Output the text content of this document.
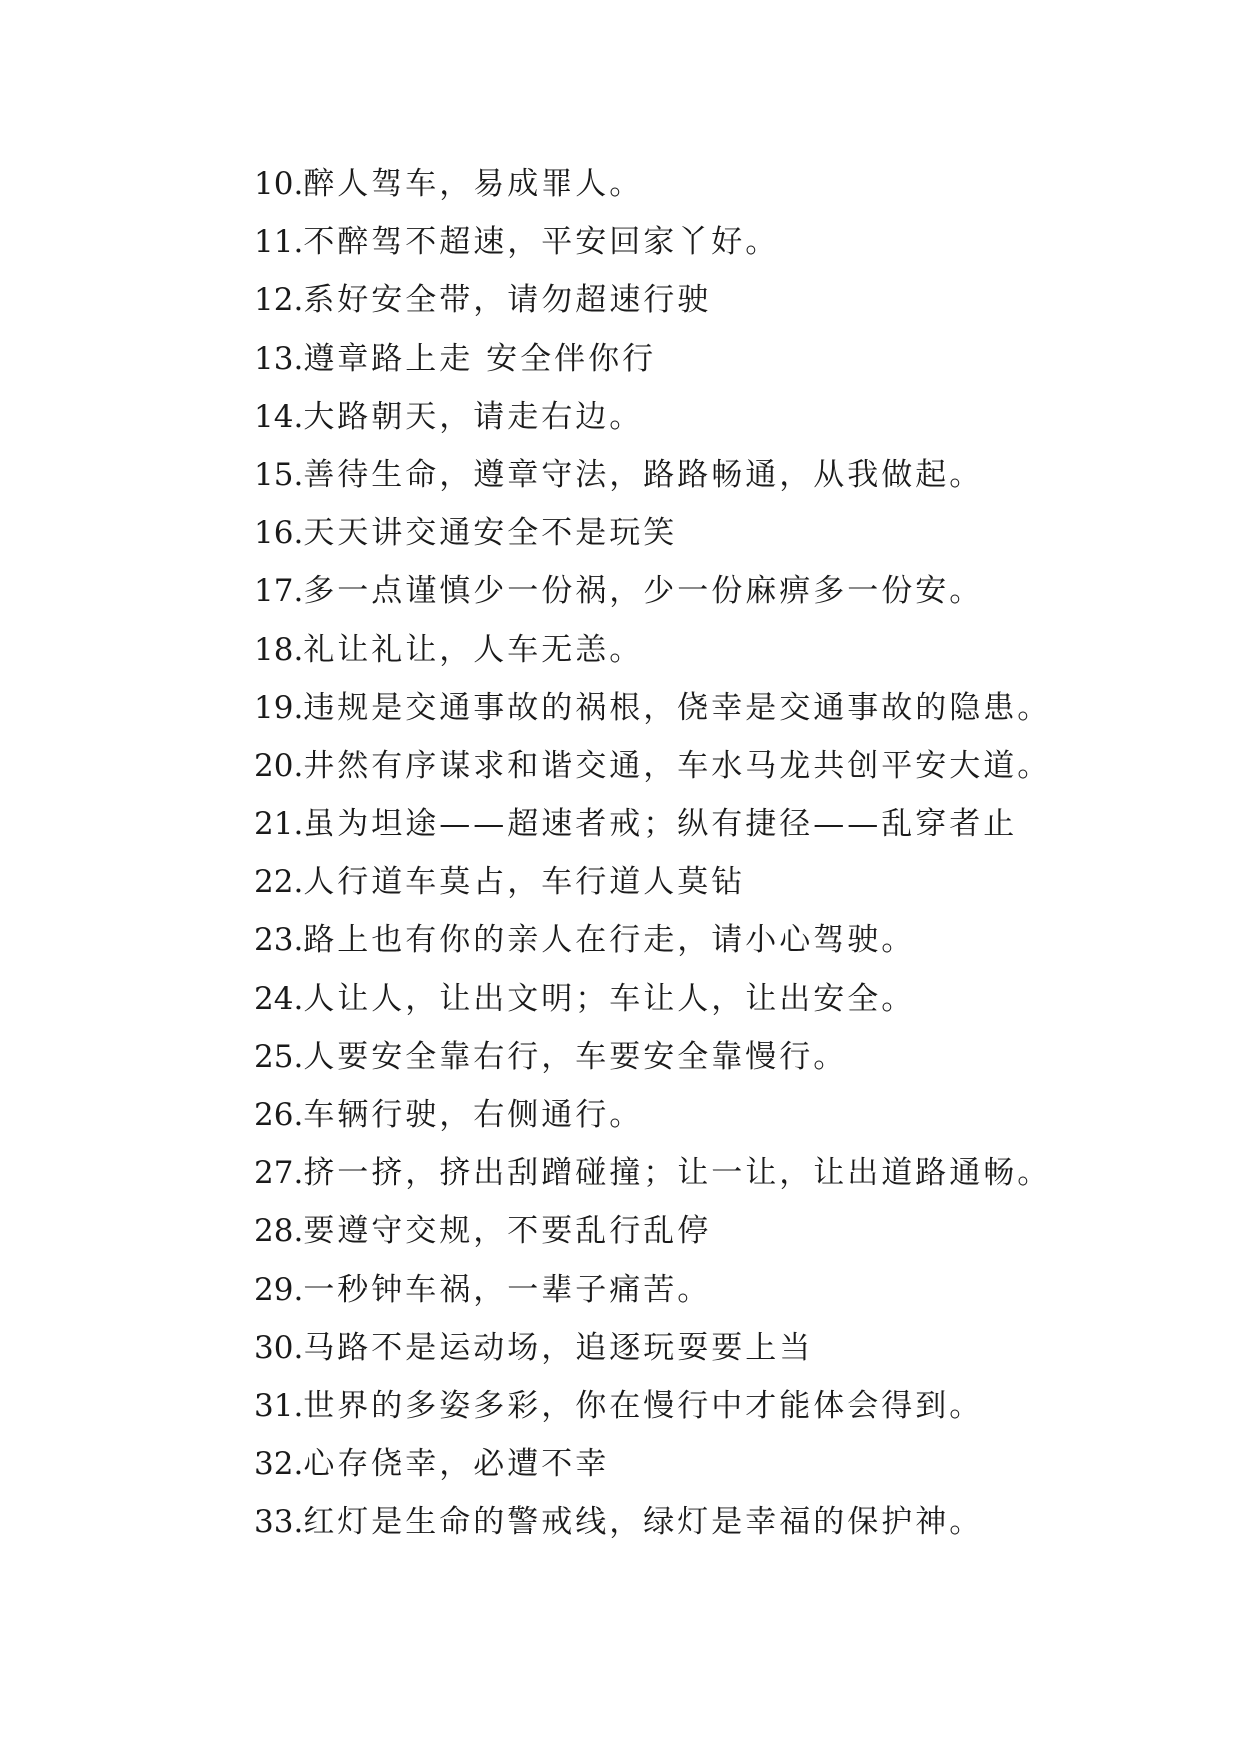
10.醉人驾车，易成罪人。
11.不醉驾不超速，平安回家丫好。
12.系好安全带，请勿超速行驶
13.遵章路上走 安全伴你行
14.大路朝天，请走右边。
15.善待生命，遵章守法，路路畅通，从我做起。
16.天天讲交通安全不是玩笑
17.多一点谨慎少一份祸，少一份麻痹多一份安。
18.礼让礼让，人车无恙。
19.违规是交通事故的祸根，侥幸是交通事故的隐患。
20.井然有序谋求和谐交通，车水马龙共创平安大道。
21.虽为坦途——超速者戒；纵有捷径——乱穿者止
22.人行道车莫占，车行道人莫钻
23.路上也有你的亲人在行走，请小心驾驶。
24.人让人，让出文明；车让人，让出安全。
25.人要安全靠右行，车要安全靠慢行。
26.车辆行驶，右侧通行。
27.挤一挤，挤出刮蹭碰撞；让一让，让出道路通畅。
28.要遵守交规，不要乱行乱停
29.一秒钟车祸，一辈子痛苦。
30.马路不是运动场，追逐玩耍要上当
31.世界的多姿多彩，你在慢行中才能体会得到。
32.心存侥幸，必遭不幸
33.红灯是生命的警戒线，绿灯是幸福的保护神。
